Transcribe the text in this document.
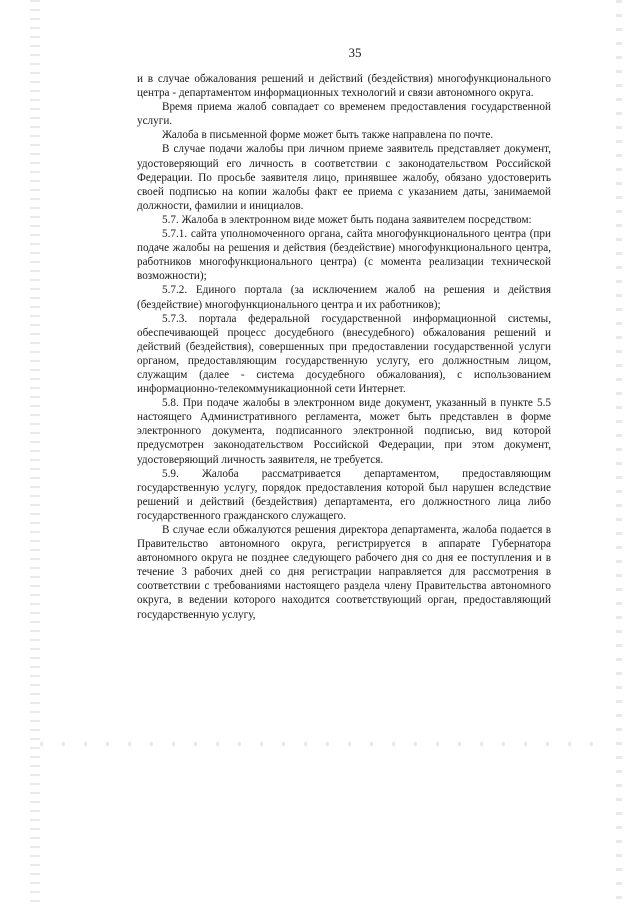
35

и в случае обжалования решений и действий (бездействия) многофункционального центра - департаментом информационных технологий и связи автономного округа.

Время приема жалоб совпадает со временем предоставления государственной услуги.

Жалоба в письменной форме может быть также направлена по почте.

В случае подачи жалобы при личном приеме заявитель представляет документ, удостоверяющий его личность в соответствии с законодательством Российской Федерации. По просьбе заявителя лицо, принявшее жалобу, обязано удостоверить своей подписью на копии жалобы факт ее приема с указанием даты, занимаемой должности, фамилии и инициалов.

5.7. Жалоба в электронном виде может быть подана заявителем посредством:

5.7.1. сайта уполномоченного органа, сайта многофункционального центра (при подаче жалобы на решения и действия (бездействие) многофункционального центра, работников многофункционального центра) (с момента реализации технической возможности);

5.7.2. Единого портала (за исключением жалоб на решения и действия (бездействие) многофункционального центра и их работников);

5.7.3. портала федеральной государственной информационной системы, обеспечивающей процесс досудебного (внесудебного) обжалования решений и действий (бездействия), совершенных при предоставлении государственной услуги органом, предоставляющим государственную услугу, его должностным лицом, служащим (далее - система досудебного обжалования), с использованием информационно-телекоммуникационной сети Интернет.

5.8. При подаче жалобы в электронном виде документ, указанный в пункте 5.5 настоящего Административного регламента, может быть представлен в форме электронного документа, подписанного электронной подписью, вид которой предусмотрен законодательством Российской Федерации, при этом документ, удостоверяющий личность заявителя, не требуется.

5.9. Жалоба рассматривается департаментом, предоставляющим государственную услугу, порядок предоставления которой был нарушен вследствие решений и действий (бездействия) департамента, его должностного лица либо государственного гражданского служащего.

В случае если обжалуются решения директора департамента, жалоба подается в Правительство автономного округа, регистрируется в аппарате Губернатора автономного округа не позднее следующего рабочего дня со дня ее поступления и в течение 3 рабочих дней со дня регистрации направляется для рассмотрения в соответствии с требованиями настоящего раздела члену Правительства автономного округа, в ведении которого находится соответствующий орган, предоставляющий государственную услугу,
